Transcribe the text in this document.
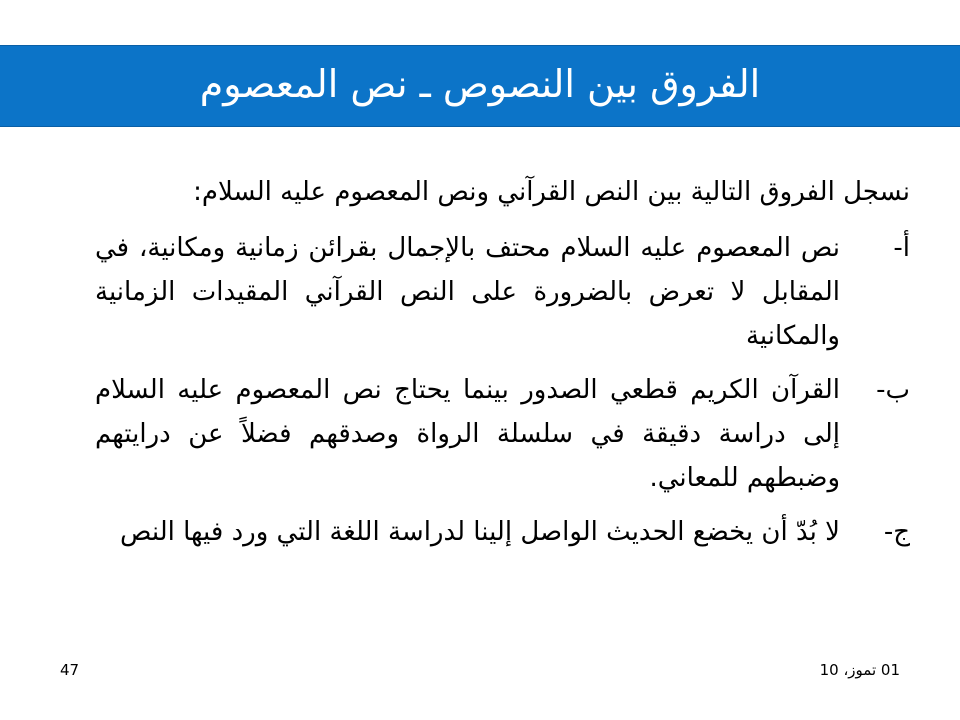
الفروق بين النصوص ـ نص المعصوم

نسجل الفروق التالية بين النص القرآني ونص المعصوم عليه السلام:

أ-
نص المعصوم عليه السلام محتف بالإجمال بقرائن زمانية ومكانية، في المقابل لا تعرض بالضرورة على النص القرآني المقيدات الزمانية والمكانية
ب-
القرآن الكريم قطعي الصدور بينما يحتاج نص المعصوم عليه السلام إلى دراسة دقيقة في سلسلة الرواة وصدقهم فضلاً عن درايتهم وضبطهم للمعاني.
ج-
لا بُدّ أن يخضع الحديث الواصل إلينا لدراسة اللغة التي ورد فيها النص
01 تموز، 10
47
